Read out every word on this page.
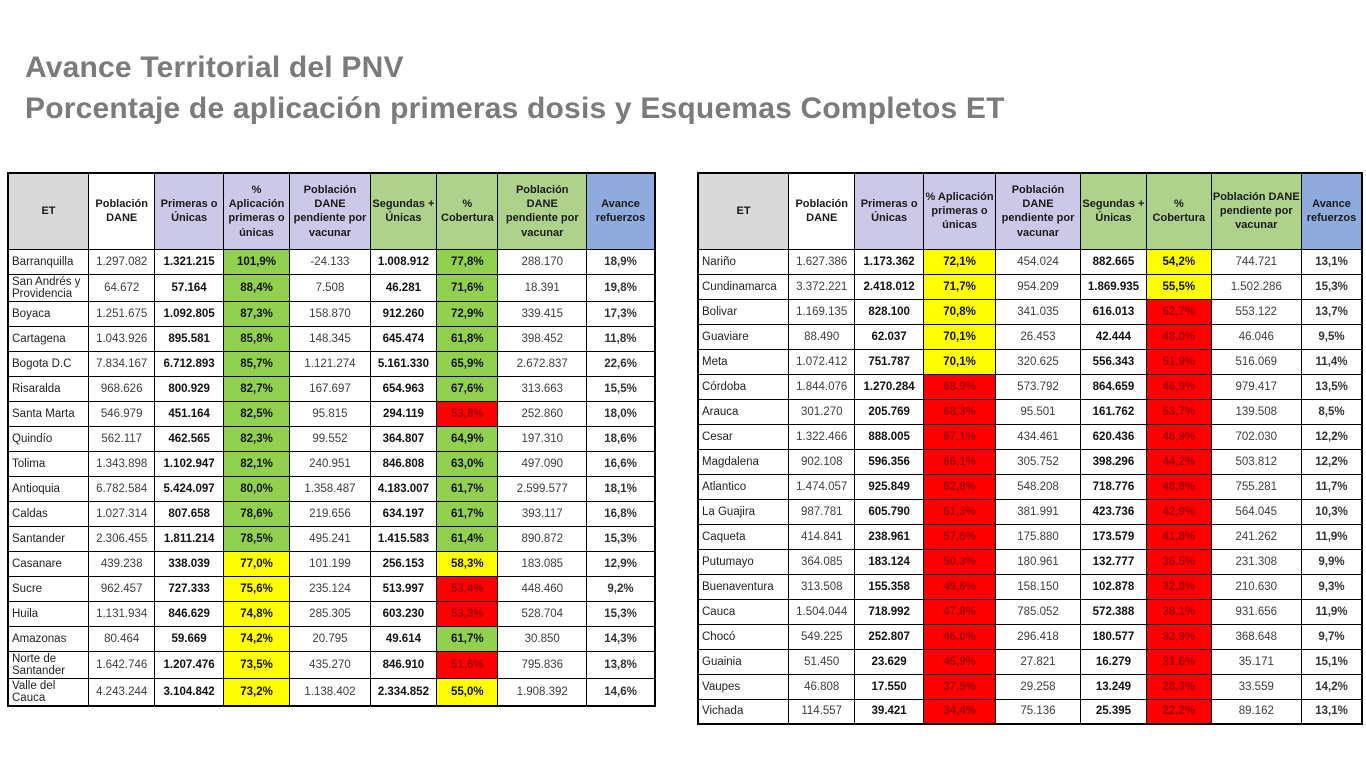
Avance Territorial del PNV
Porcentaje de aplicación primeras dosis y Esquemas Completos ET
ET	Población DANE	Primeras o Únicas	% Aplicación primeras o únicas	Población DANE pendiente por vacunar	Segundas + Únicas	% Cobertura	Población DANE pendiente por vacunar	Avance refuerzos
Barranquilla	1.297.082	1.321.215	101,9%	-24.133	1.008.912	77,8%	288.170	18,9%
San Andrés y Providencia	64.672	57.164	88,4%	7.508	46.281	71,6%	18.391	19,8%
Boyaca	1.251.675	1.092.805	87,3%	158.870	912.260	72,9%	339.415	17,3%
Cartagena	1.043.926	895.581	85,8%	148.345	645.474	61,8%	398.452	11,8%
Bogota D.C	7.834.167	6.712.893	85,7%	1.121.274	5.161.330	65,9%	2.672.837	22,6%
Risaralda	968.626	800.929	82,7%	167.697	654.963	67,6%	313.663	15,5%
Santa Marta	546.979	451.164	82,5%	95.815	294.119	53,8%	252.860	18,0%
Quindío	562.117	462.565	82,3%	99.552	364.807	64,9%	197.310	18,6%
Tolima	1.343.898	1.102.947	82,1%	240.951	846.808	63,0%	497.090	16,6%
Antioquia	6.782.584	5.424.097	80,0%	1.358.487	4.183.007	61,7%	2.599.577	18,1%
Caldas	1.027.314	807.658	78,6%	219.656	634.197	61,7%	393.117	16,8%
Santander	2.306.455	1.811.214	78,5%	495.241	1.415.583	61,4%	890.872	15,3%
Casanare	439.238	338.039	77,0%	101.199	256.153	58,3%	183.085	12,9%
Sucre	962.457	727.333	75,6%	235.124	513.997	53,4%	448.460	9,2%
Huila	1.131.934	846.629	74,8%	285.305	603.230	53,3%	528.704	15,3%
Amazonas	80.464	59.669	74,2%	20.795	49.614	61,7%	30.850	14,3%
Norte de Santander	1.642.746	1.207.476	73,5%	435.270	846.910	51,6%	795.836	13,8%
Valle del Cauca	4.243.244	3.104.842	73,2%	1.138.402	2.334.852	55,0%	1.908.392	14,6%
ET	Población DANE	Primeras o Únicas	% Aplicación primeras o únicas	Población DANE pendiente por vacunar	Segundas + Únicas	% Cobertura	Población DANE pendiente por vacunar	Avance refuerzos
Nariño	1.627.386	1.173.362	72,1%	454.024	882.665	54,2%	744.721	13,1%
Cundinamarca	3.372.221	2.418.012	71,7%	954.209	1.869.935	55,5%	1.502.286	15,3%
Bolivar	1.169.135	828.100	70,8%	341.035	616.013	52,7%	553.122	13,7%
Guaviare	88.490	62.037	70,1%	26.453	42.444	48,0%	46.046	9,5%
Meta	1.072.412	751.787	70,1%	320.625	556.343	51,9%	516.069	11,4%
Córdoba	1.844.076	1.270.284	68,9%	573.792	864.659	46,9%	979.417	13,5%
Arauca	301.270	205.769	68,3%	95.501	161.762	53,7%	139.508	8,5%
Cesar	1.322.466	888.005	67,1%	434.461	620.436	46,9%	702.030	12,2%
Magdalena	902.108	596.356	66,1%	305.752	398.296	44,2%	503.812	12,2%
Atlantico	1.474.057	925.849	62,8%	548.208	718.776	48,8%	755.281	11,7%
La Guajira	987.781	605.790	61,3%	381.991	423.736	42,9%	564.045	10,3%
Caqueta	414.841	238.961	57,6%	175.880	173.579	41,8%	241.262	11,9%
Putumayo	364.085	183.124	50,3%	180.961	132.777	36,5%	231.308	9,9%
Buenaventura	313.508	155.358	49,6%	158.150	102.878	32,8%	210.630	9,3%
Cauca	1.504.044	718.992	47,8%	785.052	572.388	38,1%	931.656	11,9%
Chocó	549.225	252.807	46,0%	296.418	180.577	32,9%	368.648	9,7%
Guainia	51.450	23.629	45,9%	27.821	16.279	31,6%	35.171	15,1%
Vaupes	46.808	17.550	37,5%	29.258	13.249	28,3%	33.559	14,2%
Vichada	114.557	39.421	34,4%	75.136	25.395	22,2%	89.162	13,1%
